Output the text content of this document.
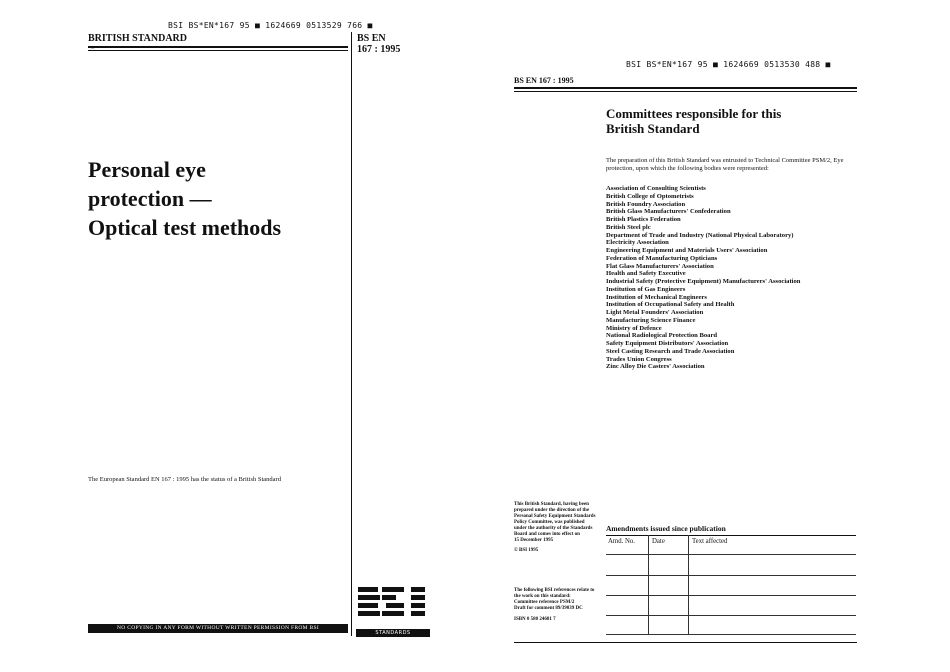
BSI BS*EN*167 95 ■ 1624669 0513529 766 ■
BRITISH STANDARD	BS EN
167 : 1995
⌒
Personal eye
protection —
Optical test methods
The European Standard EN 167 : 1995 has the status of a British Standard
NO COPYING IN ANY FORM WITHOUT WRITTEN PERMISSION FROM BSI
STANDARDS
BSI BS*EN*167 95 ■ 1624669 0513530 488 ■
BS EN 167 : 1995
Committees responsible for this
British Standard
The preparation of this British Standard was entrusted to Technical Committee PSM/2, Eye protection, upon which the following bodies were represented:
Association of Consulting Scientists
British College of Optometrists
British Foundry Association
British Glass Manufacturers' Confederation
British Plastics Federation
British Steel plc
Department of Trade and Industry (National Physical Laboratory)
Electricity Association
Engineering Equipment and Materials Users' Association
Federation of Manufacturing Opticians
Flat Glass Manufacturers' Association
Health and Safety Executive
Industrial Safety (Protective Equipment) Manufacturers' Association
Institution of Gas Engineers
Institution of Mechanical Engineers
Institution of Occupational Safety and Health
Light Metal Founders' Association
Manufacturing Science Finance
Ministry of Defence
National Radiological Protection Board
Safety Equipment Distributors' Association
Steel Casting Research and Trade Association
Trades Union Congress
Zinc Alloy Die Casters' Association
This British Standard, having been prepared under the direction of the Personal Safety Equipment Standards Policy Committee, was published under the authority of the Standards Board and comes into effect on
15 December 1995
© BSI 1995
The following BSI references relate to the work on this standard:
Committee reference PSM/2
Draft for comment 89/39039 DC
ISBN 0 580 24681 7
Amendments issued since publication
Amd. No.	Date	Text affected
